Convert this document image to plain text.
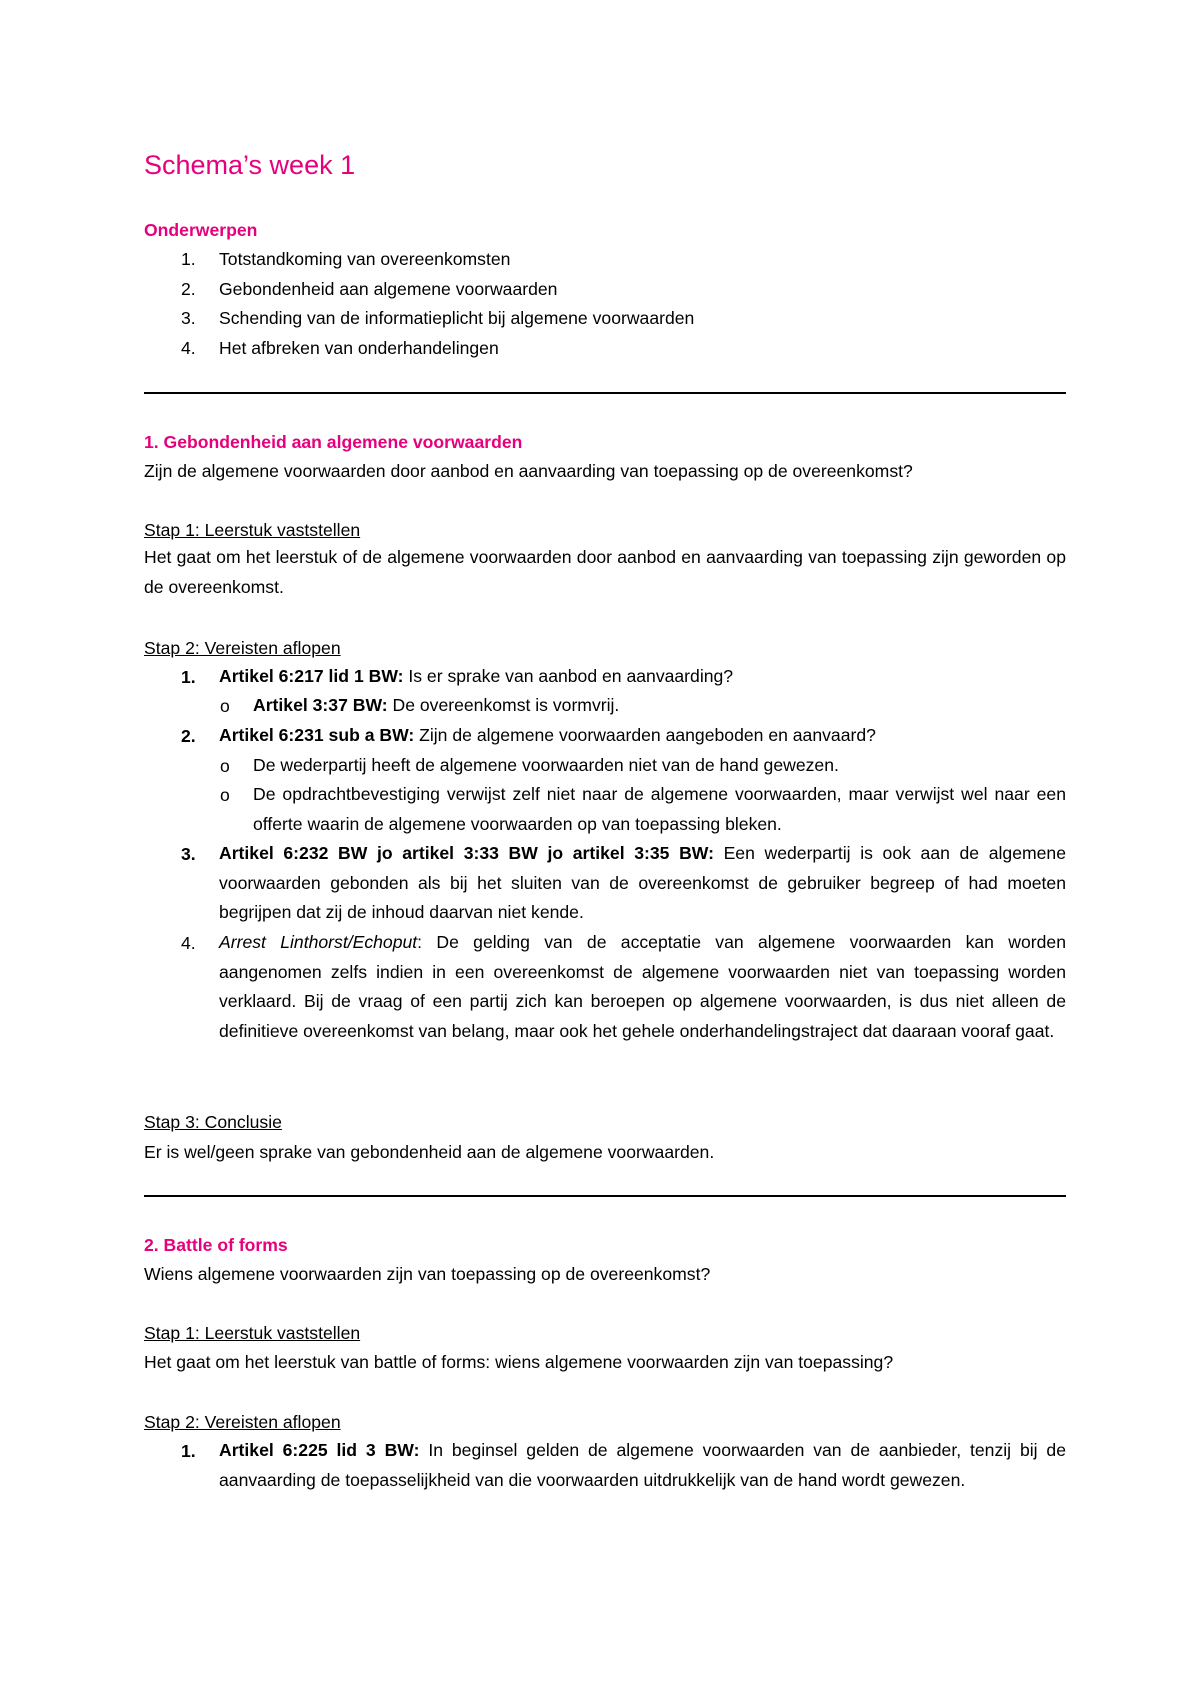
Schema’s week 1
Onderwerpen
1. Totstandkoming van overeenkomsten
2. Gebondenheid aan algemene voorwaarden
3. Schending van de informatieplicht bij algemene voorwaarden
4. Het afbreken van onderhandelingen
1. Gebondenheid aan algemene voorwaarden
Zijn de algemene voorwaarden door aanbod en aanvaarding van toepassing op de overeenkomst?
Stap 1: Leerstuk vaststellen
Het gaat om het leerstuk of de algemene voorwaarden door aanbod en aanvaarding van toepassing zijn geworden op de overeenkomst.
Stap 2: Vereisten aflopen
1. Artikel 6:217 lid 1 BW: Is er sprake van aanbod en aanvaarding?
o Artikel 3:37 BW: De overeenkomst is vormvrij.
2. Artikel 6:231 sub a BW: Zijn de algemene voorwaarden aangeboden en aanvaard?
o De wederpartij heeft de algemene voorwaarden niet van de hand gewezen.
o De opdrachtbevestiging verwijst zelf niet naar de algemene voorwaarden, maar verwijst wel naar een offerte waarin de algemene voorwaarden op van toepassing bleken.
3. Artikel 6:232 BW jo artikel 3:33 BW jo artikel 3:35 BW: Een wederpartij is ook aan de algemene voorwaarden gebonden als bij het sluiten van de overeenkomst de gebruiker begreep of had moeten begrijpen dat zij de inhoud daarvan niet kende.
4. Arrest Linthorst/Echoput: De gelding van de acceptatie van algemene voorwaarden kan worden aangenomen zelfs indien in een overeenkomst de algemene voorwaarden niet van toepassing worden verklaard. Bij de vraag of een partij zich kan beroepen op algemene voorwaarden, is dus niet alleen de definitieve overeenkomst van belang, maar ook het gehele onderhandelingstraject dat daaraan vooraf gaat.
Stap 3: Conclusie
Er is wel/geen sprake van gebondenheid aan de algemene voorwaarden.
2. Battle of forms
Wiens algemene voorwaarden zijn van toepassing op de overeenkomst?
Stap 1: Leerstuk vaststellen
Het gaat om het leerstuk van battle of forms: wiens algemene voorwaarden zijn van toepassing?
Stap 2: Vereisten aflopen
1. Artikel 6:225 lid 3 BW: In beginsel gelden de algemene voorwaarden van de aanbieder, tenzij bij de aanvaarding de toepasselijkheid van die voorwaarden uitdrukkelijk van de hand wordt gewezen.
